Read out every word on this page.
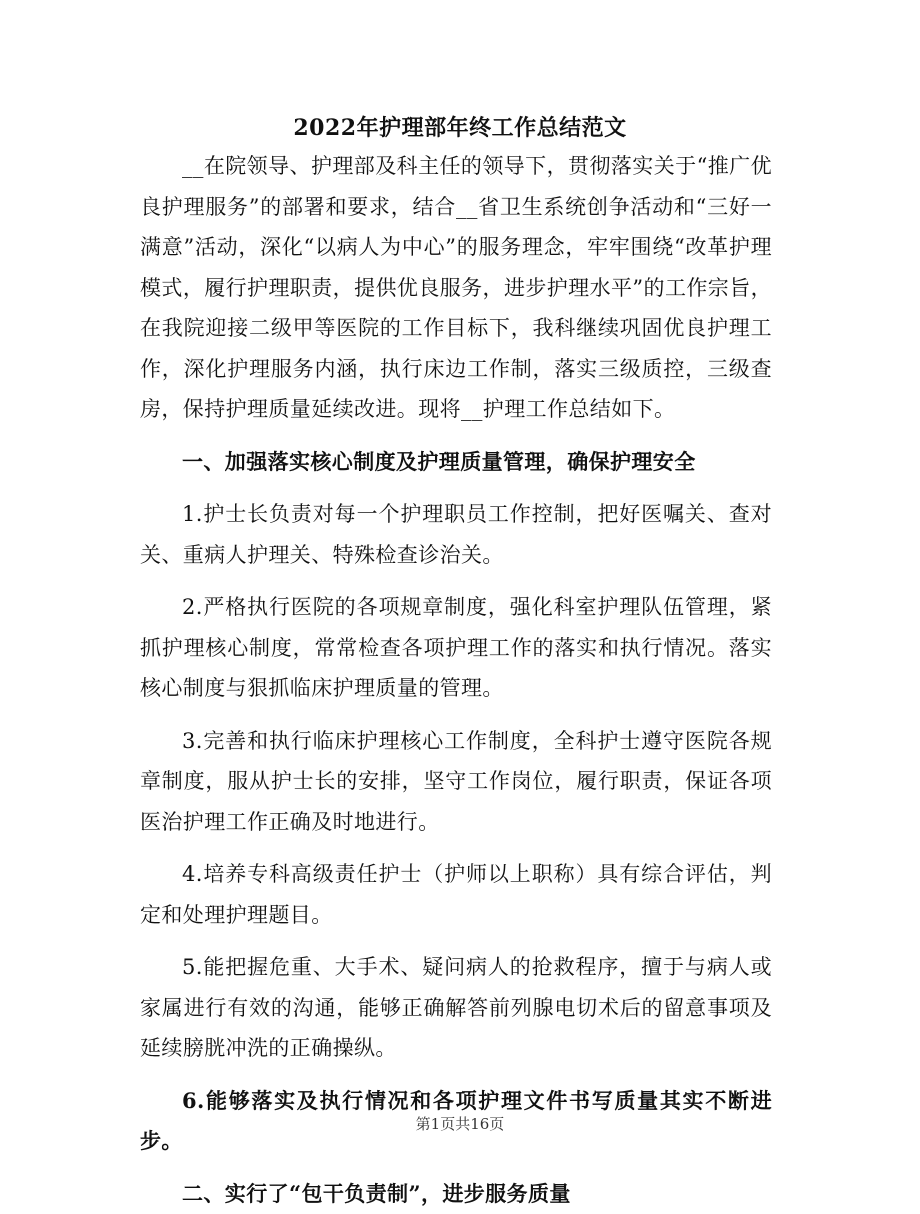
2022年护理部年终工作总结范文

__在院领导、护理部及科主任的领导下，贯彻落实关于“推广优良护理服务”的部署和要求，结合__省卫生系统创争活动和“三好一满意”活动，深化“以病人为中心”的服务理念，牢牢围绕“改革护理模式，履行护理职责，提供优良服务，进步护理水平”的工作宗旨，在我院迎接二级甲等医院的工作目标下，我科继续巩固优良护理工作，深化护理服务内涵，执行床边工作制，落实三级质控，三级查房，保持护理质量延续改进。现将__护理工作总结如下。

一、加强落实核心制度及护理质量管理，确保护理安全

1.护士长负责对每一个护理职员工作控制，把好医嘱关、查对关、重病人护理关、特殊检查诊治关。

2.严格执行医院的各项规章制度，强化科室护理队伍管理，紧抓护理核心制度，常常检查各项护理工作的落实和执行情况。落实核心制度与狠抓临床护理质量的管理。

3.完善和执行临床护理核心工作制度，全科护士遵守医院各规章制度，服从护士长的安排，坚守工作岗位，履行职责，保证各项医治护理工作正确及时地进行。

4.培养专科高级责任护士（护师以上职称）具有综合评估，判定和处理护理题目。

5.能把握危重、大手术、疑问病人的抢救程序，擅于与病人或家属进行有效的沟通，能够正确解答前列腺电切术后的留意事项及延续膀胱冲洗的正确操纵。

6.能够落实及执行情况和各项护理文件书写质量其实不断进步。

二、实行了“包干负责制”，进步服务质量

第1页共16页
